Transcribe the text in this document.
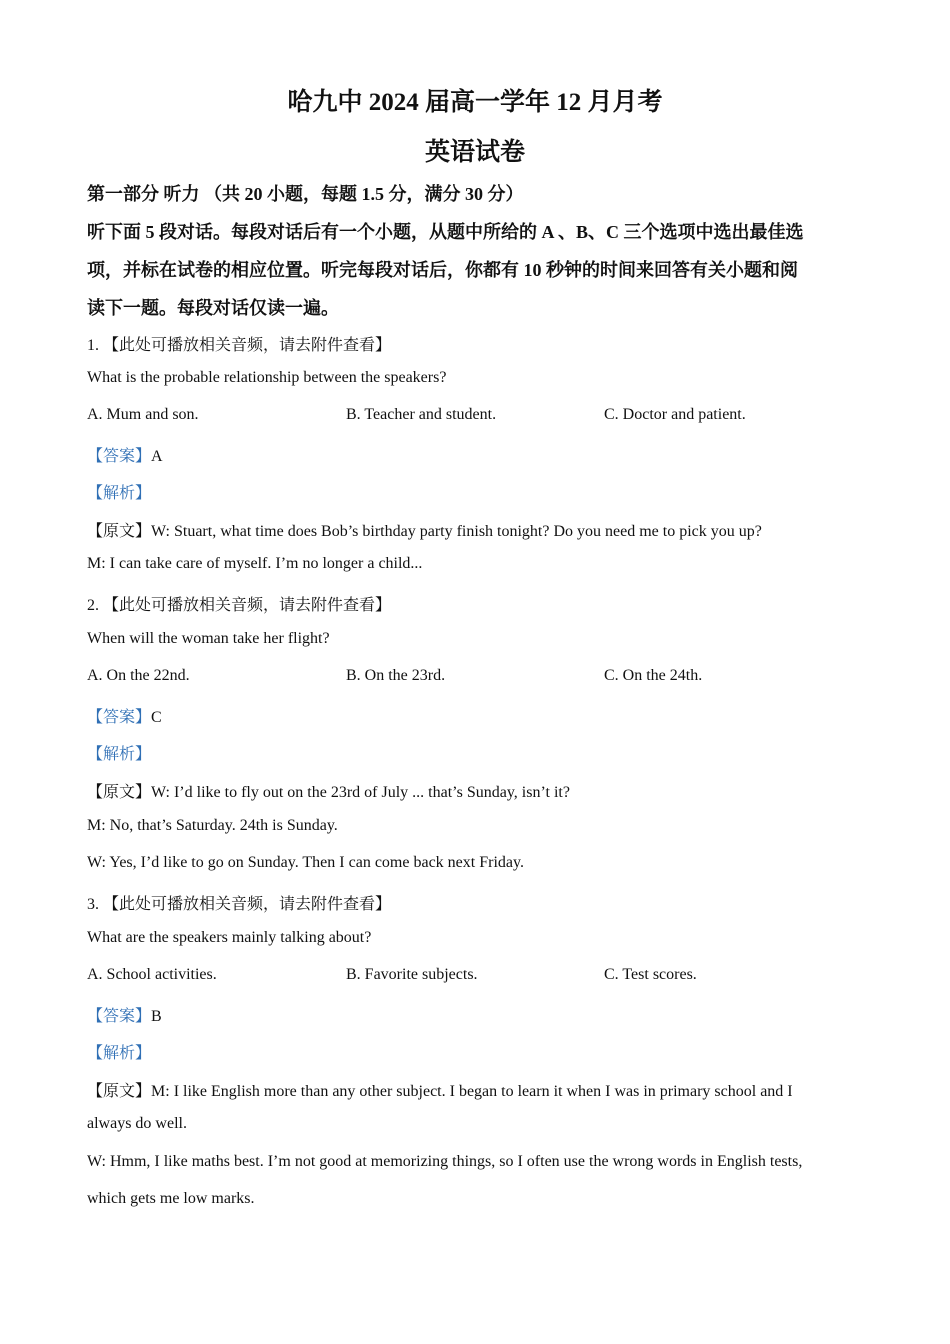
哈九中 2024 届高一学年 12 月月考
英语试卷
第一部分 听力 （共 20 小题，每题 1.5 分，满分 30 分）
听下面 5 段对话。每段对话后有一个小题，从题中所给的 A 、B、C 三个选项中选出最佳选
项，并标在试卷的相应位置。听完每段对话后，你都有 10 秒钟的时间来回答有关小题和阅
读下一题。每段对话仅读一遍。
1. 【此处可播放相关音频，请去附件查看】
What is the probable relationship between the speakers?
A. Mum and son.	B. Teacher and student.	C. Doctor and patient.
【答案】A
【解析】
【原文】W: Stuart, what time does Bob’s birthday party finish tonight? Do you need me to pick you up?
M: I can take care of myself. I’m no longer a child...
2. 【此处可播放相关音频，请去附件查看】
When will the woman take her flight?
A. On the 22nd.	B. On the 23rd.	C. On the 24th.
【答案】C
【解析】
【原文】W: I’d like to fly out on the 23rd of July ... that’s Sunday, isn’t it?
M: No, that’s Saturday. 24th is Sunday.
W: Yes, I’d like to go on Sunday. Then I can come back next Friday.
3. 【此处可播放相关音频，请去附件查看】
What are the speakers mainly talking about?
A. School activities.	B. Favorite subjects.	C. Test scores.
【答案】B
【解析】
【原文】M: I like English more than any other subject. I began to learn it when I was in primary school and I
always do well.
W: Hmm, I like maths best. I’m not good at memorizing things, so I often use the wrong words in English tests,
which gets me low marks.
